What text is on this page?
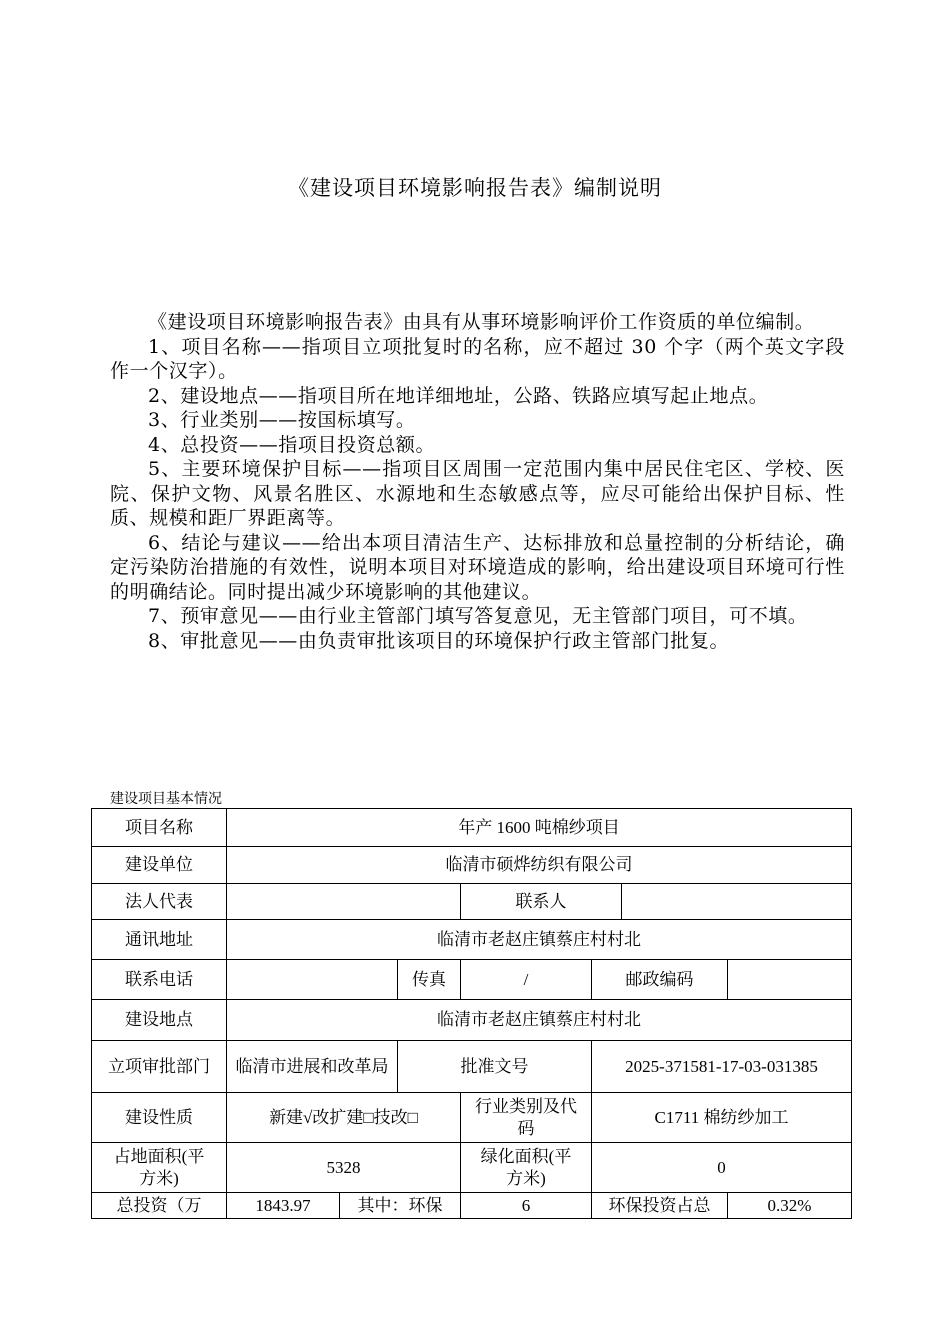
《建设项目环境影响报告表》编制说明

《建设项目环境影响报告表》由具有从事环境影响评价工作资质的单位编制。

1、项目名称——指项目立项批复时的名称，应不超过 30 个字（两个英文字段作一个汉字）。

2、建设地点——指项目所在地详细地址，公路、铁路应填写起止地点。

3、行业类别——按国标填写。

4、总投资——指项目投资总额。

5、主要环境保护目标——指项目区周围一定范围内集中居民住宅区、学校、医院、保护文物、风景名胜区、水源地和生态敏感点等，应尽可能给出保护目标、性质、规模和距厂界距离等。

6、结论与建议——给出本项目清洁生产、达标排放和总量控制的分析结论，确定污染防治措施的有效性，说明本项目对环境造成的影响，给出建设项目环境可行性的明确结论。同时提出减少环境影响的其他建议。

7、预审意见——由行业主管部门填写答复意见，无主管部门项目，可不填。

8、审批意见——由负责审批该项目的环境保护行政主管部门批复。

建设项目基本情况
项目名称	年产 1600 吨棉纱项目						
建设单位	临清市硕烨纺织有限公司						
法人代表				联系人			
通讯地址	临清市老赵庄镇蔡庄村村北						
联系电话			传真	/	邮政编码		
建设地点	临清市老赵庄镇蔡庄村村北						
立项审批部门	临清市进展和改革局		批准文号		2025-371581-17-03-031385		
建设性质	新建√改扩建□技改□			行业类别及代码	C1711 棉纺纱加工		
占地面积(平方米)	5328			绿化面积(平方米)	0		

总投资（万	1843.97	其中：环保		6	环保投资占总		0.32%
